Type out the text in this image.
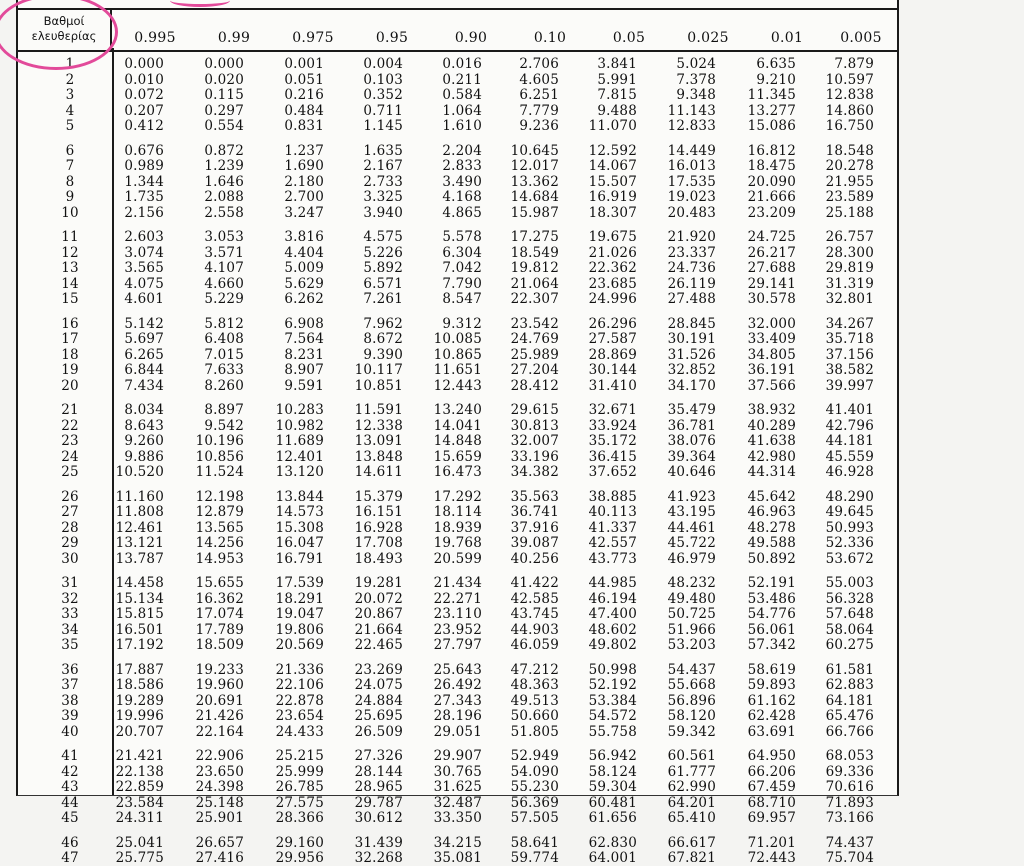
Βαθμοί
ελευθερίας	0.995	0.99	0.975	0.95	0.90	0.10	0.05	0.025	0.01	0.005
1	0.000	0.000	0.001	0.004	0.016	2.706	3.841	5.024	6.635	7.879
2	0.010	0.020	0.051	0.103	0.211	4.605	5.991	7.378	9.210	10.597
3	0.072	0.115	0.216	0.352	0.584	6.251	7.815	9.348	11.345	12.838
4	0.207	0.297	0.484	0.711	1.064	7.779	9.488	11.143	13.277	14.860
5	0.412	0.554	0.831	1.145	1.610	9.236	11.070	12.833	15.086	16.750
6	0.676	0.872	1.237	1.635	2.204	10.645	12.592	14.449	16.812	18.548
7	0.989	1.239	1.690	2.167	2.833	12.017	14.067	16.013	18.475	20.278
8	1.344	1.646	2.180	2.733	3.490	13.362	15.507	17.535	20.090	21.955
9	1.735	2.088	2.700	3.325	4.168	14.684	16.919	19.023	21.666	23.589
10	2.156	2.558	3.247	3.940	4.865	15.987	18.307	20.483	23.209	25.188
11	2.603	3.053	3.816	4.575	5.578	17.275	19.675	21.920	24.725	26.757
12	3.074	3.571	4.404	5.226	6.304	18.549	21.026	23.337	26.217	28.300
13	3.565	4.107	5.009	5.892	7.042	19.812	22.362	24.736	27.688	29.819
14	4.075	4.660	5.629	6.571	7.790	21.064	23.685	26.119	29.141	31.319
15	4.601	5.229	6.262	7.261	8.547	22.307	24.996	27.488	30.578	32.801
16	5.142	5.812	6.908	7.962	9.312	23.542	26.296	28.845	32.000	34.267
17	5.697	6.408	7.564	8.672	10.085	24.769	27.587	30.191	33.409	35.718
18	6.265	7.015	8.231	9.390	10.865	25.989	28.869	31.526	34.805	37.156
19	6.844	7.633	8.907	10.117	11.651	27.204	30.144	32.852	36.191	38.582
20	7.434	8.260	9.591	10.851	12.443	28.412	31.410	34.170	37.566	39.997
21	8.034	8.897	10.283	11.591	13.240	29.615	32.671	35.479	38.932	41.401
22	8.643	9.542	10.982	12.338	14.041	30.813	33.924	36.781	40.289	42.796
23	9.260	10.196	11.689	13.091	14.848	32.007	35.172	38.076	41.638	44.181
24	9.886	10.856	12.401	13.848	15.659	33.196	36.415	39.364	42.980	45.559
25	10.520	11.524	13.120	14.611	16.473	34.382	37.652	40.646	44.314	46.928
26	11.160	12.198	13.844	15.379	17.292	35.563	38.885	41.923	45.642	48.290
27	11.808	12.879	14.573	16.151	18.114	36.741	40.113	43.195	46.963	49.645
28	12.461	13.565	15.308	16.928	18.939	37.916	41.337	44.461	48.278	50.993
29	13.121	14.256	16.047	17.708	19.768	39.087	42.557	45.722	49.588	52.336
30	13.787	14.953	16.791	18.493	20.599	40.256	43.773	46.979	50.892	53.672
31	14.458	15.655	17.539	19.281	21.434	41.422	44.985	48.232	52.191	55.003
32	15.134	16.362	18.291	20.072	22.271	42.585	46.194	49.480	53.486	56.328
33	15.815	17.074	19.047	20.867	23.110	43.745	47.400	50.725	54.776	57.648
34	16.501	17.789	19.806	21.664	23.952	44.903	48.602	51.966	56.061	58.064
35	17.192	18.509	20.569	22.465	27.797	46.059	49.802	53.203	57.342	60.275
36	17.887	19.233	21.336	23.269	25.643	47.212	50.998	54.437	58.619	61.581
37	18.586	19.960	22.106	24.075	26.492	48.363	52.192	55.668	59.893	62.883
38	19.289	20.691	22.878	24.884	27.343	49.513	53.384	56.896	61.162	64.181
39	19.996	21.426	23.654	25.695	28.196	50.660	54.572	58.120	62.428	65.476
40	20.707	22.164	24.433	26.509	29.051	51.805	55.758	59.342	63.691	66.766
41	21.421	22.906	25.215	27.326	29.907	52.949	56.942	60.561	64.950	68.053
42	22.138	23.650	25.999	28.144	30.765	54.090	58.124	61.777	66.206	69.336
43	22.859	24.398	26.785	28.965	31.625	55.230	59.304	62.990	67.459	70.616
44	23.584	25.148	27.575	29.787	32.487	56.369	60.481	64.201	68.710	71.893
45	24.311	25.901	28.366	30.612	33.350	57.505	61.656	65.410	69.957	73.166
46	25.041	26.657	29.160	31.439	34.215	58.641	62.830	66.617	71.201	74.437
47	25.775	27.416	29.956	32.268	35.081	59.774	64.001	67.821	72.443	75.704
